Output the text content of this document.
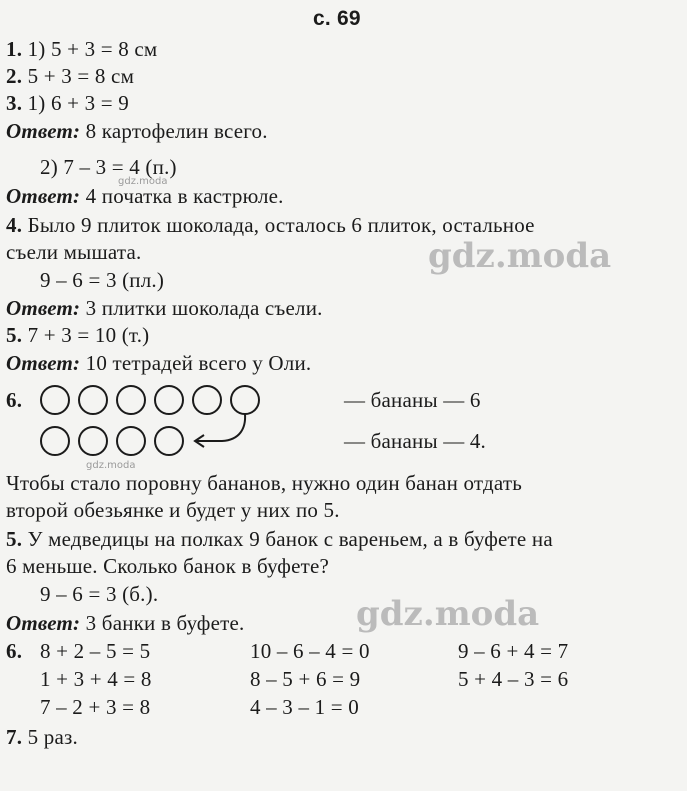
с. 69
1. 1) 5 + 3 = 8 см
2. 5 + 3 = 8 см
3. 1) 6 + 3 = 9
Ответ: 8 картофелин всего.
2) 7 – 3 = 4 (п.)
Ответ: 4 початка в кастрюле.
4. Было 9 плиток шоколада, осталось 6 плиток, остальное
съели мышата.
9 – 6 = 3 (пл.)
Ответ: 3 плитки шоколада съели.
5. 7 + 3 = 10 (т.)
Ответ: 10 тетрадей всего у Оли.
6.	— бананы — 6
— бананы — 4.
Чтобы стало поровну бананов, нужно один банан отдать
второй обезьянке и будет у них по 5.
5. У медведицы на полках 9 банок с вареньем, а в буфете на
6 меньше. Сколько банок в буфете?
9 – 6 = 3 (б.).
Ответ: 3 банки в буфете.
6. 8 + 2 – 5 = 5	10 – 6 – 4 = 0	9 – 6 + 4 = 7
1 + 3 + 4 = 8	8 – 5 + 6 = 9	5 + 4 – 3 = 6
7 – 2 + 3 = 8	4 – 3 – 1 = 0
7. 5 раз.
gdz.moda
gdz.moda
gdz.moda
gdz.moda
